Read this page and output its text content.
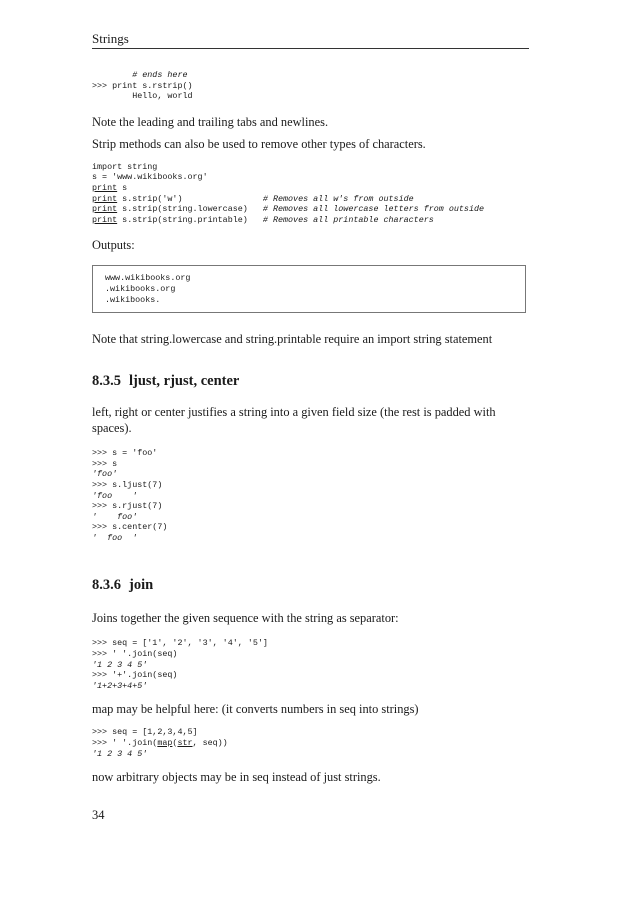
Strings
# ends here
>>> print s.rstrip()
Hello, world

Note the leading and trailing tabs and newlines.

Strip methods can also be used to remove other types of characters.

import string
s = 'www.wikibooks.org'
print s
print s.strip('w')                # Removes all w's from outside
print s.strip(string.lowercase)   # Removes all lowercase letters from outside
print s.strip(string.printable)   # Removes all printable characters

Outputs:

www.wikibooks.org
.wikibooks.org
.wikibooks.

Note that string.lowercase and string.printable require an import string statement

8.3.5 ljust, rjust, center

left, right or center justifies a string into a given field size (the rest is padded with spaces).

>>> s = 'foo'
>>> s
'foo'
>>> s.ljust(7)
'foo    '
>>> s.rjust(7)
'    foo'
>>> s.center(7)
'  foo  '
8.3.6 join

Joins together the given sequence with the string as separator:

>>> seq = ['1', '2', '3', '4', '5']
>>> ' '.join(seq)
'1 2 3 4 5'
>>> '+'.join(seq)
'1+2+3+4+5'

map may be helpful here: (it converts numbers in seq into strings)

>>> seq = [1,2,3,4,5]
>>> ' '.join(map(str, seq))
'1 2 3 4 5'

now arbitrary objects may be in seq instead of just strings.

34
